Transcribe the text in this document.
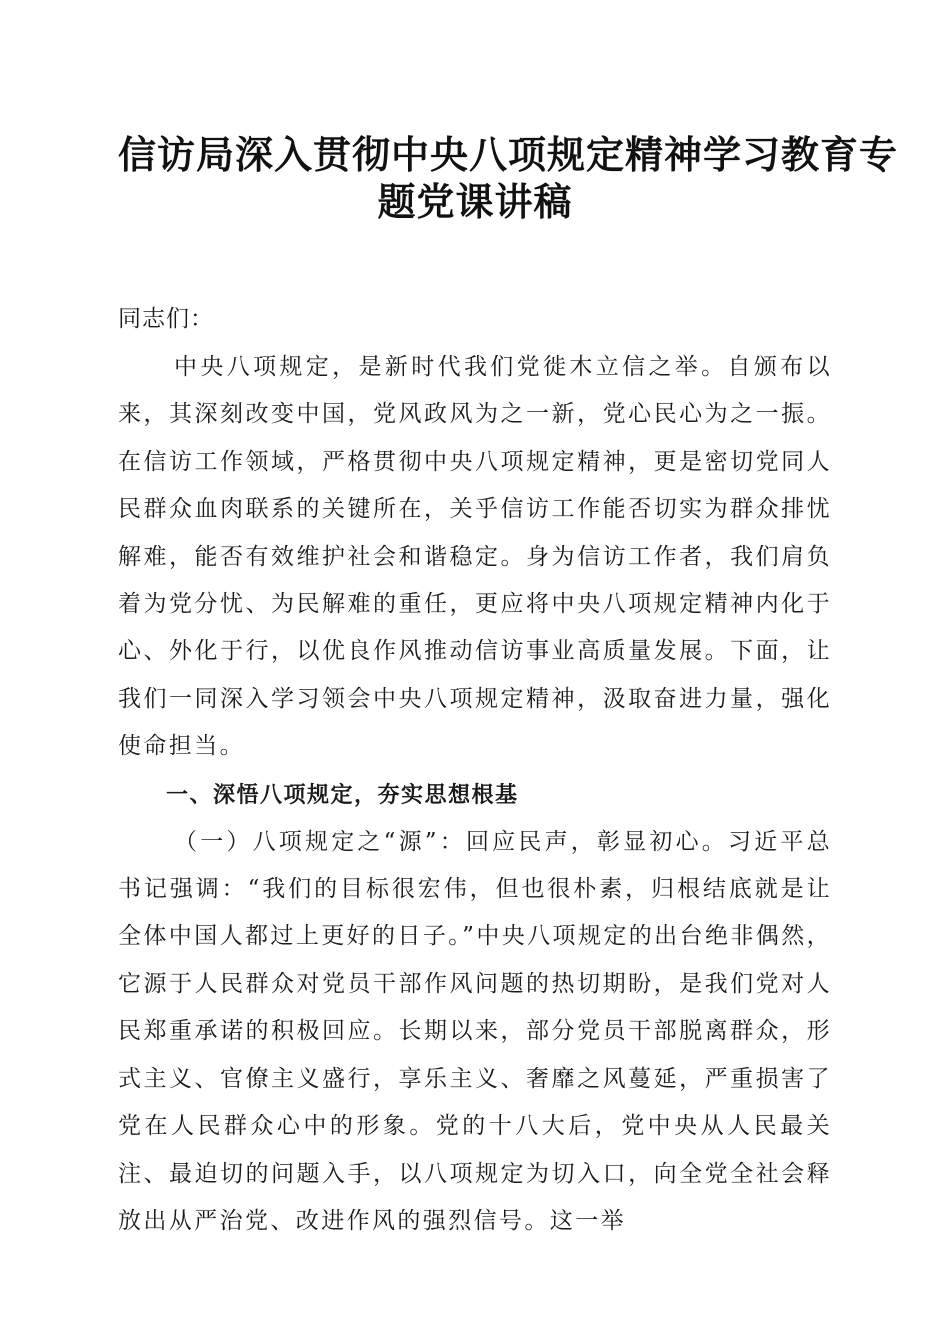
信访局深入贯彻中央八项规定精神学习教育专
题党课讲稿

同志们：

中央八项规定，是新时代我们党徙木立信之举。自颁布以来，其深刻改变中国，党风政风为之一新，党心民心为之一振。在信访工作领域，严格贯彻中央八项规定精神，更是密切党同人民群众血肉联系的关键所在，关乎信访工作能否切实为群众排忧解难，能否有效维护社会和谐稳定。身为信访工作者，我们肩负着为党分忧、为民解难的重任，更应将中央八项规定精神内化于心、外化于行，以优良作风推动信访事业高质量发展。下面，让我们一同深入学习领会中央八项规定精神，汲取奋进力量，强化使命担当。

一、深悟八项规定，夯实思想根基

（一）八项规定之“源”：回应民声，彰显初心。习近平总书记强调：“我们的目标很宏伟，但也很朴素，归根结底就是让全体中国人都过上更好的日子。”中央八项规定的出台绝非偶然，它源于人民群众对党员干部作风问题的热切期盼，是我们党对人民郑重承诺的积极回应。长期以来，部分党员干部脱离群众，形式主义、官僚主义盛行，享乐主义、奢靡之风蔓延，严重损害了党在人民群众心中的形象。党的十八大后，党中央从人民最关注、最迫切的问题入手，以八项规定为切入口，向全党全社会释放出从严治党、改进作风的强烈信号。这一举
